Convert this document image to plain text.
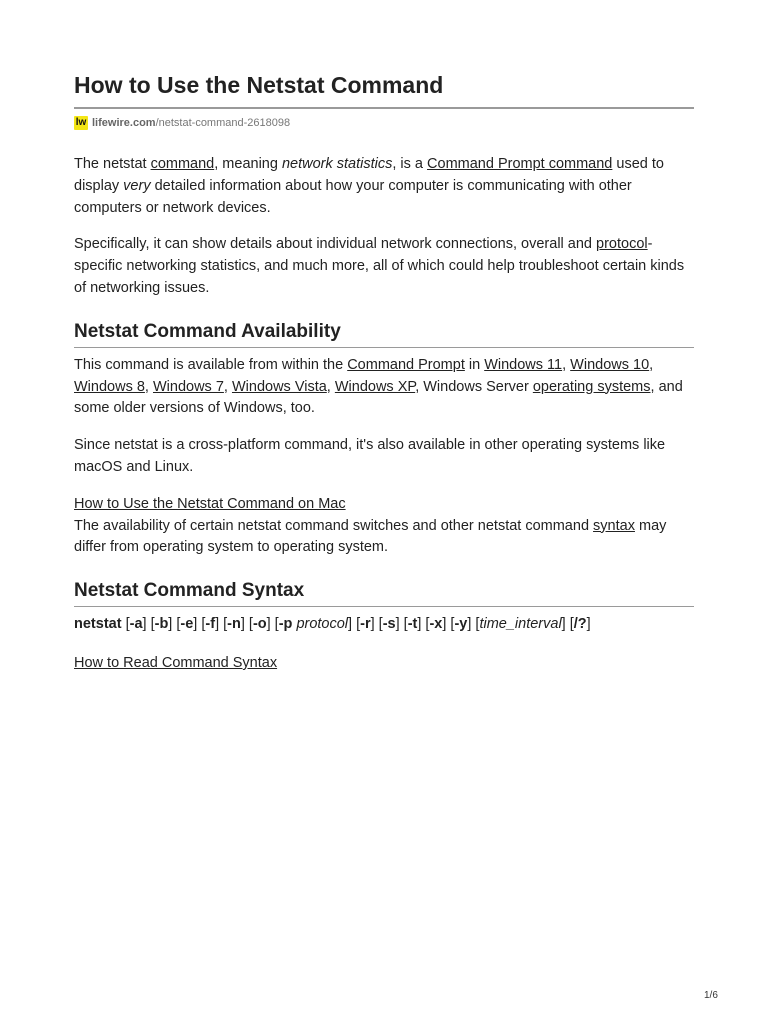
How to Use the Netstat Command
lw lifewire.com /netstat-command-2618098

The netstat command, meaning network statistics, is a Command Prompt command used to display very detailed information about how your computer is communicating with other computers or network devices.

Specifically, it can show details about individual network connections, overall and protocol-specific networking statistics, and much more, all of which could help troubleshoot certain kinds of networking issues.

Netstat Command Availability

This command is available from within the Command Prompt in Windows 11, Windows 10, Windows 8, Windows 7, Windows Vista, Windows XP, Windows Server operating systems, and some older versions of Windows, too.

Since netstat is a cross-platform command, it's also available in other operating systems like macOS and Linux.

How to Use the Netstat Command on Mac

The availability of certain netstat command switches and other netstat command syntax may differ from operating system to operating system.

Netstat Command Syntax

netstat [-a] [-b] [-e] [-f] [-n] [-o] [-p protocol] [-r] [-s] [-t] [-x] [-y] [time_interval] [/?]

How to Read Command Syntax

1/6
